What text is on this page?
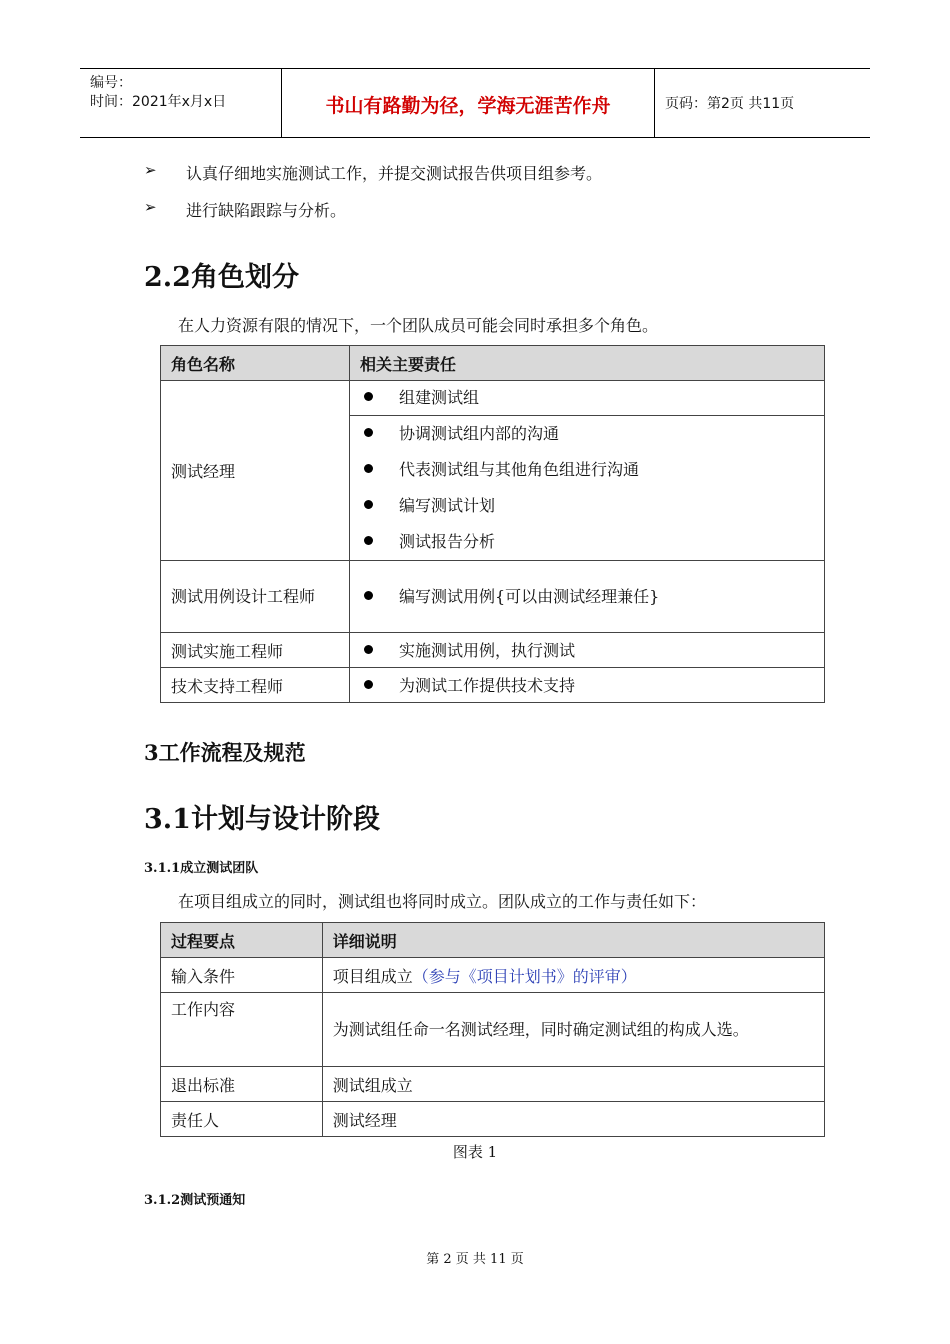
编号：
时间：2021年x月x日	书山有路勤为径，学海无涯苦作舟	页码：第2页 共11页
➢ 认真仔细地实施测试工作，并提交测试报告供项目组参考。
➢ 进行缺陷跟踪与分析。
2.2角色划分
在人力资源有限的情况下，一个团队成员可能会同时承担多个角色。
角色名称	相关主要责任
测试经理	组建测试组

	协调测试组内部的沟通
代表测试组与其他角色组进行沟通
编写测试计划
测试报告分析

测试用例设计工程师	编写测试用例{可以由测试经理兼任}

测试实施工程师	实施测试用例，执行测试

技术支持工程师	为测试工作提供技术支持
3工作流程及规范
3.1计划与设计阶段
3.1.1成立测试团队
在项目组成立的同时，测试组也将同时成立。团队成立的工作与责任如下：
过程要点	详细说明
输入条件	项目组成立（参与《项目计划书》的评审）
工作内容	为测试组任命一名测试经理，同时确定测试组的构成人选。
退出标准	测试组成立
责任人	测试经理
图表 1
3.1.2测试预通知
第 2 页 共 11 页
